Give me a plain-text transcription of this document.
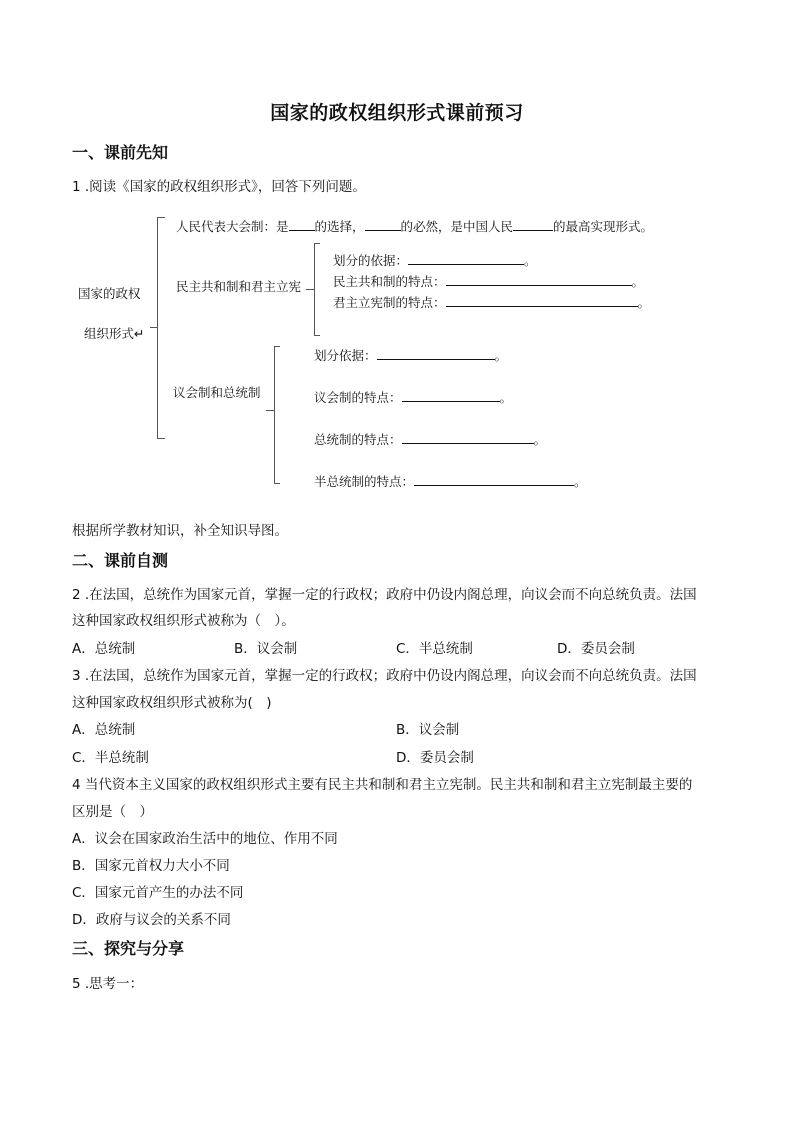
国家的政权组织形式课前预习
一、课前先知
1 .阅读《国家的政权组织形式》，回答下列问题。
国家的政权
组织形式↵
人民代表大会制：是 的选择，	的必然，是中国人民	的最高实现形式。
民主共和制和君主立宪
划分的依据：	。
民主共和制的特点：	。
君主立宪制的特点：	。
议会制和总统制
划分依据：	。
议会制的特点：	。
总统制的特点：	。
半总统制的特点：	。
根据所学教材知识，补全知识导图。
二、课前自测
2 .在法国，总统作为国家元首，掌握一定的行政权；政府中仍设内阁总理，向议会而不向总统负责。法国
这种国家政权组织形式被称为（　）。
A．总统制	B．议会制	C．半总统制	D．委员会制
3 .在法国，总统作为国家元首，掌握一定的行政权；政府中仍设内阁总理，向议会而不向总统负责。法国
这种国家政权组织形式被称为(　)
A．总统制	B．议会制
C．半总统制	D．委员会制
4 当代资本主义国家的政权组织形式主要有民主共和制和君主立宪制。民主共和制和君主立宪制最主要的
区别是（　）
A．议会在国家政治生活中的地位、作用不同
B．国家元首权力大小不同
C．国家元首产生的办法不同
D．政府与议会的关系不同
三、探究与分享
5 .思考一：
